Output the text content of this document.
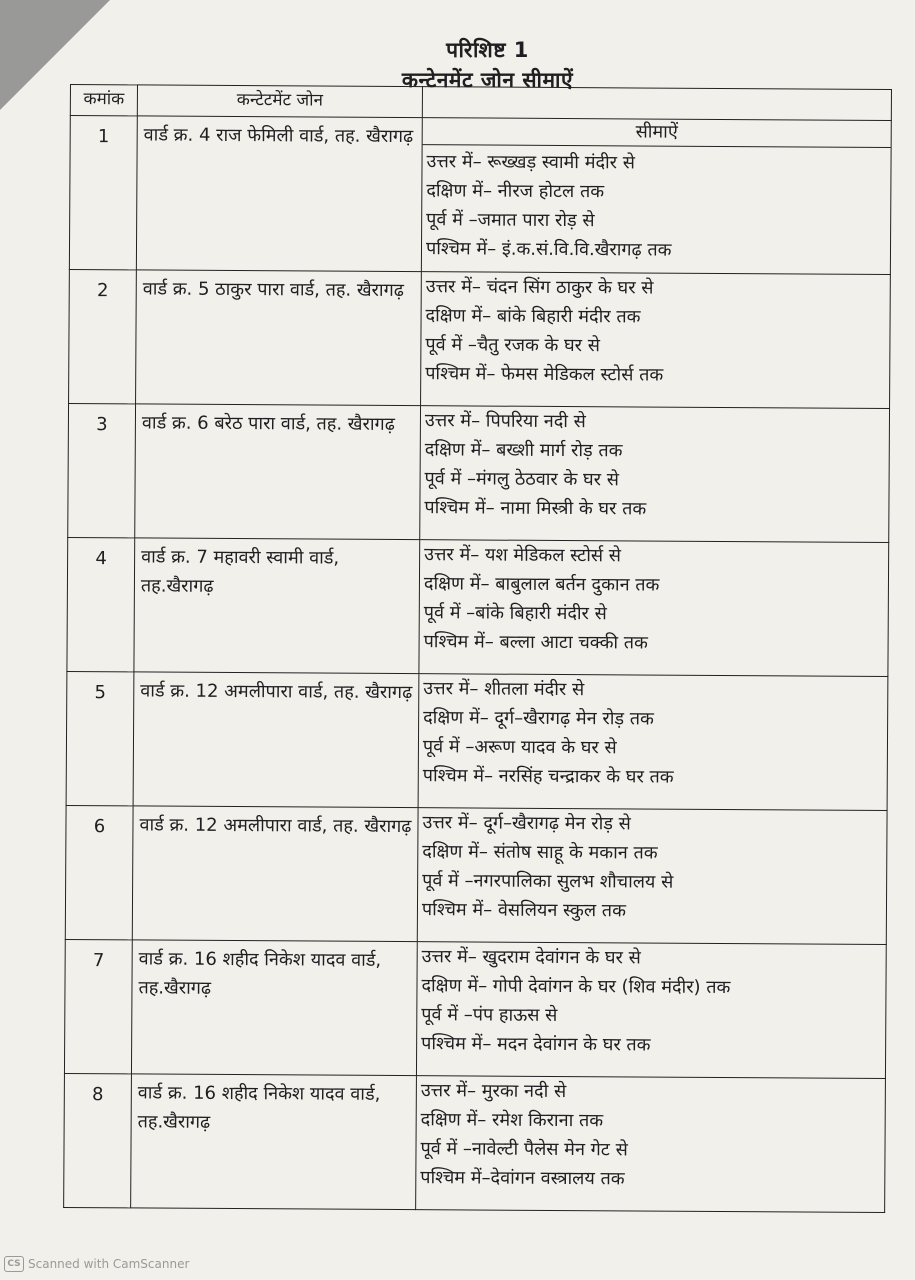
परिशिष्ट 1
कन्टेनमेंट जोन सीमाऐं
कमांक	कन्टेटमेंट जोन	
1	वार्ड क्र. 4 राज फेमिली वार्ड, तह. खैरागढ़	सीमाऐं
उत्तर में– रूख्खड़ स्वामी मंदीर से
दक्षिण में– नीरज होटल तक
पूर्व में –जमात पारा रोड़ से
पश्चिम में– इं.क.सं.वि.वि.खैरागढ़ तक

2	वार्ड क्र. 5 ठाकुर पारा वार्ड, तह. खैरागढ़	उत्तर में– चंदन सिंग ठाकुर के घर से
दक्षिण में– बांके बिहारी मंदीर तक
पूर्व में –चैतु रजक के घर से
पश्चिम में– फेमस मेडिकल स्टोर्स तक

3	वार्ड क्र. 6 बरेठ पारा वार्ड, तह. खैरागढ़	उत्तर में– पिपरिया नदी से
दक्षिण में– बख्शी मार्ग रोड़ तक
पूर्व में –मंगलु ठेठवार के घर से
पश्चिम में– नामा मिस्त्री के घर तक

4	वार्ड क्र. 7 महावरी स्वामी वार्ड, तह.खैरागढ़	उत्तर में– यश मेडिकल स्टोर्स से
दक्षिण में– बाबुलाल बर्तन दुकान तक
पूर्व में –बांके बिहारी मंदीर से
पश्चिम में– बल्ला आटा चक्की तक

5	वार्ड क्र. 12 अमलीपारा वार्ड, तह. खैरागढ़	उत्तर में– शीतला मंदीर से
दक्षिण में– दूर्ग–खैरागढ़ मेन रोड़ तक
पूर्व में –अरूण यादव के घर से
पश्चिम में– नरसिंह चन्द्राकर के घर तक

6	वार्ड क्र. 12 अमलीपारा वार्ड, तह. खैरागढ़	उत्तर में– दूर्ग–खैरागढ़ मेन रोड़ से
दक्षिण में– संतोष साहू के मकान तक
पूर्व में –नगरपालिका सुलभ शौचालय से
पश्चिम में– वेसलियन स्कुल तक

7	वार्ड क्र. 16 शहीद निकेश यादव वार्ड, तह.खैरागढ़	उत्तर में– खुदराम देवांगन के घर से
दक्षिण में– गोपी देवांगन के घर (शिव मंदीर) तक
पूर्व में –पंप हाऊस से
पश्चिम में– मदन देवांगन के घर तक

8	वार्ड क्र. 16 शहीद निकेश यादव वार्ड, तह.खैरागढ़	उत्तर में– मुरका नदी से
दक्षिण में– रमेश किराना तक
पूर्व में –नावेल्टी पैलेस मेन गेट से
पश्चिम में–देवांगन वस्त्रालय तक
CS Scanned with CamScanner
